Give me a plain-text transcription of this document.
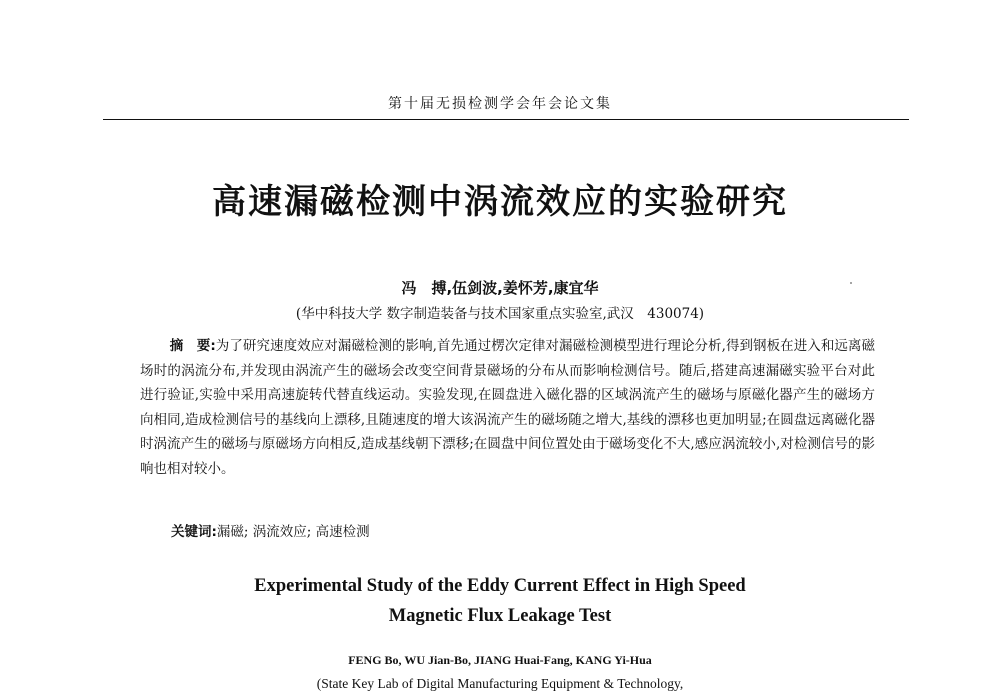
第十届无损检测学会年会论文集
高速漏磁检测中涡流效应的实验研究
冯　搏,伍剑波,姜怀芳,康宜华
(华中科技大学 数字制造装备与技术国家重点实验室,武汉　430074)

摘　要:为了研究速度效应对漏磁检测的影响,首先通过楞次定律对漏磁检测模型进行理论分析,得到钢板在进入和远离磁场时的涡流分布,并发现由涡流产生的磁场会改变空间背景磁场的分布从而影响检测信号。随后,搭建高速漏磁实验平台对此进行验证,实验中采用高速旋转代替直线运动。实验发现,在圆盘进入磁化器的区域涡流产生的磁场与原磁化器产生的磁场方向相同,造成检测信号的基线向上漂移,且随速度的增大该涡流产生的磁场随之增大,基线的漂移也更加明显;在圆盘远离磁化器时涡流产生的磁场与原磁场方向相反,造成基线朝下漂移;在圆盘中间位置处由于磁场变化不大,感应涡流较小,对检测信号的影响也相对较小。

关键词:漏磁; 涡流效应; 高速检测
Experimental Study of the Eddy Current Effect in High Speed
Magnetic Flux Leakage Test
FENG Bo, WU Jian-Bo, JIANG Huai-Fang, KANG Yi-Hua
(State Key Lab of Digital Manufacturing Equipment & Technology,
